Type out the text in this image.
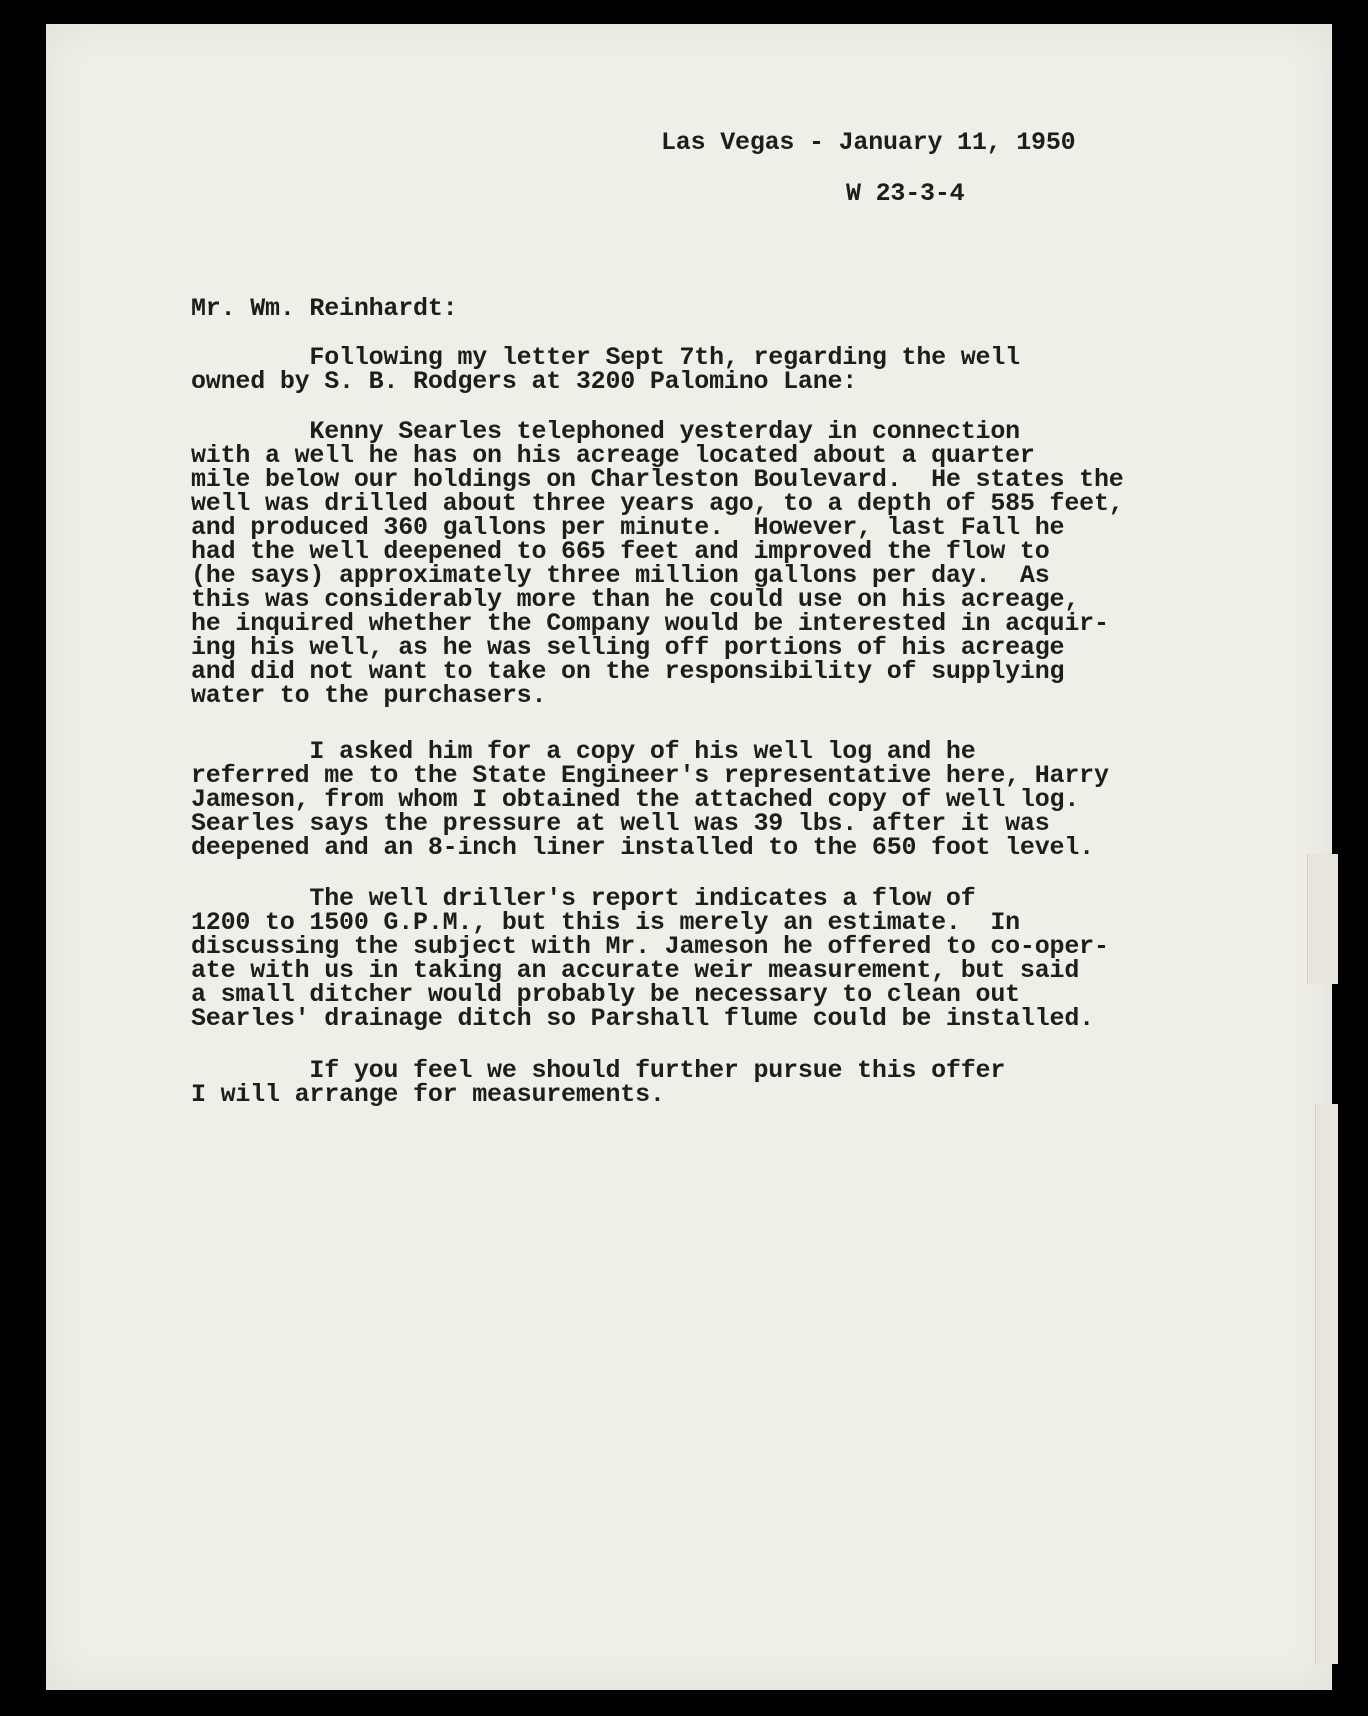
Las Vegas - January 11, 1950
W 23-3-4
Mr. Wm. Reinhardt:
Following my letter Sept 7th, regarding the well
owned by S. B. Rodgers at 3200 Palomino Lane:
Kenny Searles telephoned yesterday in connection
with a well he has on his acreage located about a quarter
mile below our holdings on Charleston Boulevard.  He states the
well was drilled about three years ago, to a depth of 585 feet,
and produced 360 gallons per minute.  However, last Fall he
had the well deepened to 665 feet and improved the flow to
(he says) approximately three million gallons per day.  As
this was considerably more than he could use on his acreage,
he inquired whether the Company would be interested in acquir-
ing his well, as he was selling off portions of his acreage
and did not want to take on the responsibility of supplying
water to the purchasers.
I asked him for a copy of his well log and he
referred me to the State Engineer's representative here, Harry
Jameson, from whom I obtained the attached copy of well log.
Searles says the pressure at well was 39 lbs. after it was
deepened and an 8-inch liner installed to the 650 foot level.
The well driller's report indicates a flow of
1200 to 1500 G.P.M., but this is merely an estimate.  In
discussing the subject with Mr. Jameson he offered to co-oper-
ate with us in taking an accurate weir measurement, but said
a small ditcher would probably be necessary to clean out
Searles' drainage ditch so Parshall flume could be installed.
If you feel we should further pursue this offer
I will arrange for measurements.
